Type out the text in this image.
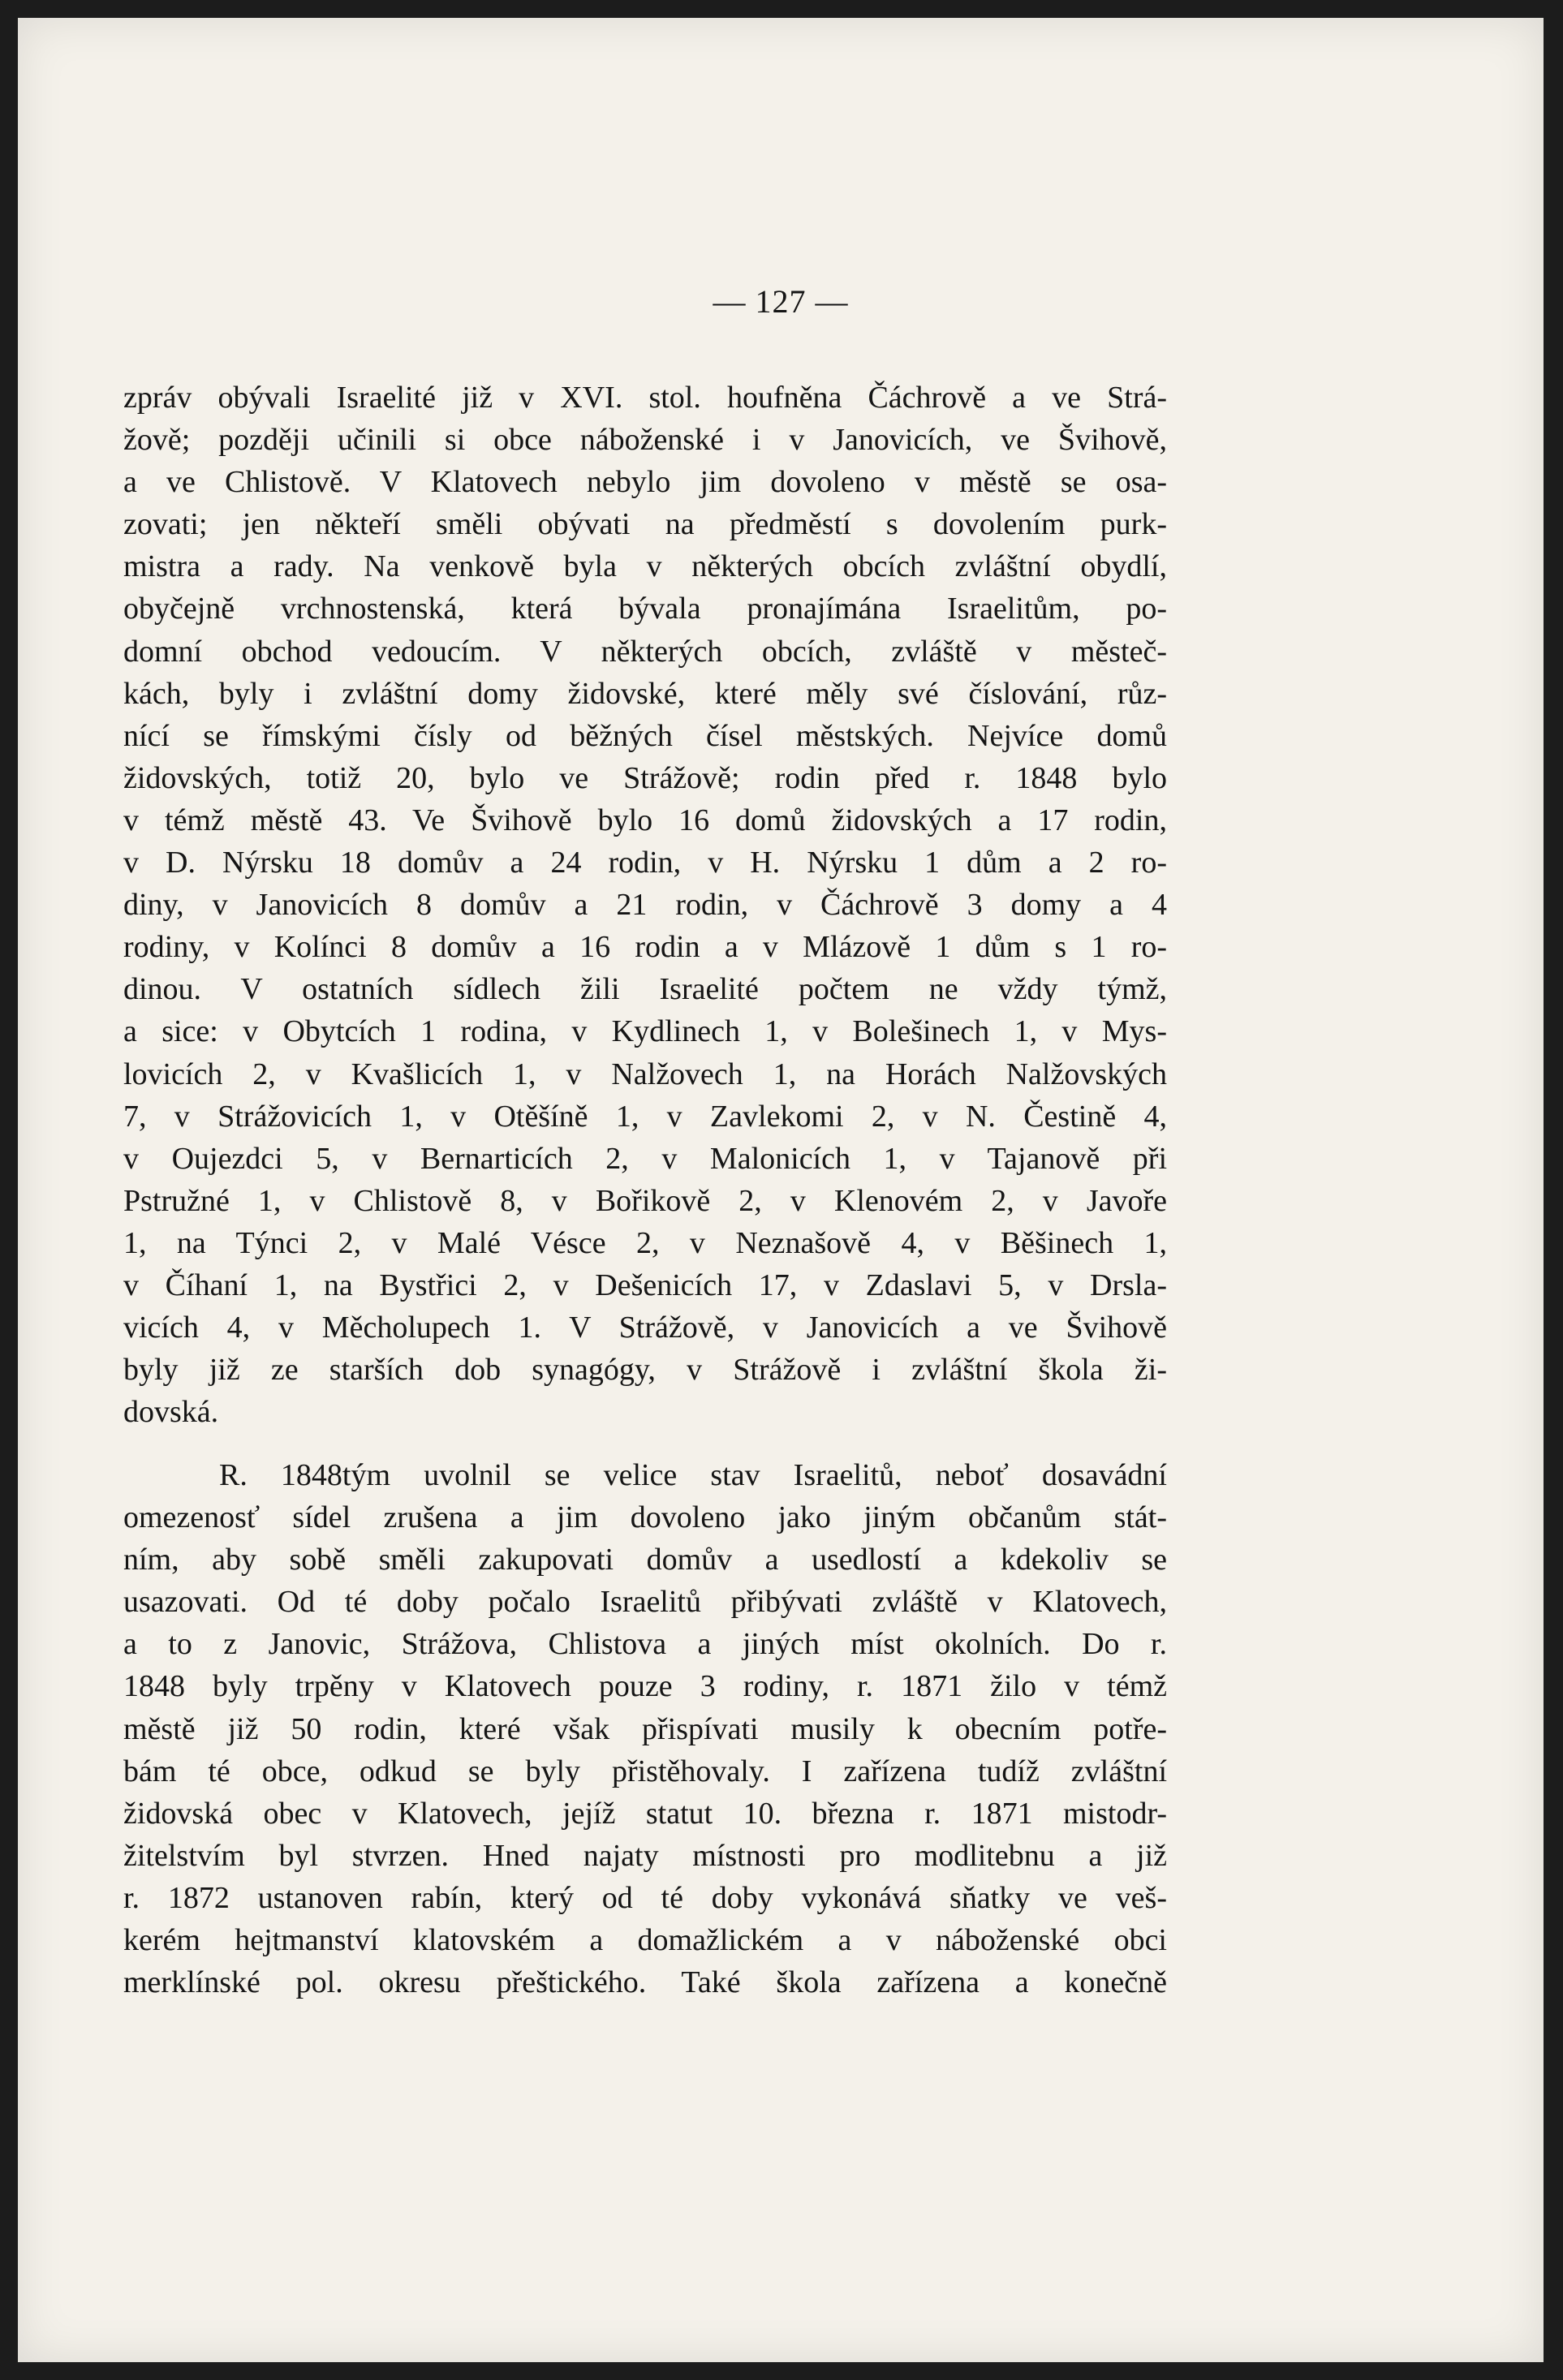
— 127 —
zpráv obývali Israelité již v XVI. stol. houfněna Čáchrově a ve Strá-
žově; později učinili si obce náboženské i v Janovicích, ve Švihově,
a ve Chlistově. V Klatovech nebylo jim dovoleno v městě se osa-
zovati; jen někteří směli obývati na předměstí s dovolením purk-
mistra a rady. Na venkově byla v některých obcích zvláštní obydlí,
obyčejně vrchnostenská, která bývala pronajímána Israelitům, po-
domní obchod vedoucím. V některých obcích, zvláště v městeč-
kách, byly i zvláštní domy židovské, které měly své číslování, růz-
nící se římskými čísly od běžných čísel městských. Nejvíce domů
židovských, totiž 20, bylo ve Strážově; rodin před r. 1848 bylo
v témž městě 43. Ve Švihově bylo 16 domů židovských a 17 rodin,
v D. Nýrsku 18 domův a 24 rodin, v H. Nýrsku 1 dům a 2 ro-
diny, v Janovicích 8 domův a 21 rodin, v Čáchrově 3 domy a 4
rodiny, v Kolínci 8 domův a 16 rodin a v Mlázově 1 dům s 1 ro-
dinou. V ostatních sídlech žili Israelité počtem ne vždy týmž,
a sice: v Obytcích 1 rodina, v Kydlinech 1, v Bolešinech 1, v Mys-
lovicích 2, v Kvašlicích 1, v Nalžovech 1, na Horách Nalžovských
7, v Strážovicích 1, v Otěšíně 1, v Zavlekomi 2, v N. Čestině 4,
v Oujezdci 5, v Bernarticích 2, v Malonicích 1, v Tajanově při
Pstružné 1, v Chlistově 8, v Bořikově 2, v Klenovém 2, v Javoře
1, na Týnci 2, v Malé Vésce 2, v Neznašově 4, v Běšinech 1,
v Číhaní 1, na Bystřici 2, v Dešenicích 17, v Zdaslavi 5, v Drsla-
vicích 4, v Měcholupech 1. V Strážově, v Janovicích a ve Švihově
byly již ze starších dob synagógy, v Strážově i zvláštní škola ži-
dovská.
R. 1848tým uvolnil se velice stav Israelitů, neboť dosavádní
omezenosť sídel zrušena a jim dovoleno jako jiným občanům stát-
ním, aby sobě směli zakupovati domův a usedlostí a kdekoliv se
usazovati. Od té doby počalo Israelitů přibývati zvláště v Klatovech,
a to z Janovic, Strážova, Chlistova a jiných míst okolních. Do r.
1848 byly trpěny v Klatovech pouze 3 rodiny, r. 1871 žilo v témž
městě již 50 rodin, které však přispívati musily k obecním potře-
bám té obce, odkud se byly přistěhovaly. I zařízena tudíž zvláštní
židovská obec v Klatovech, jejíž statut 10. března r. 1871 mistodr-
žitelstvím byl stvrzen. Hned najaty místnosti pro modlitebnu a již
r. 1872 ustanoven rabín, který od té doby vykonává sňatky ve veš-
kerém hejtmanství klatovském a domažlickém a v náboženské obci
merklínské pol. okresu přeštického. Také škola zařízena a konečně
